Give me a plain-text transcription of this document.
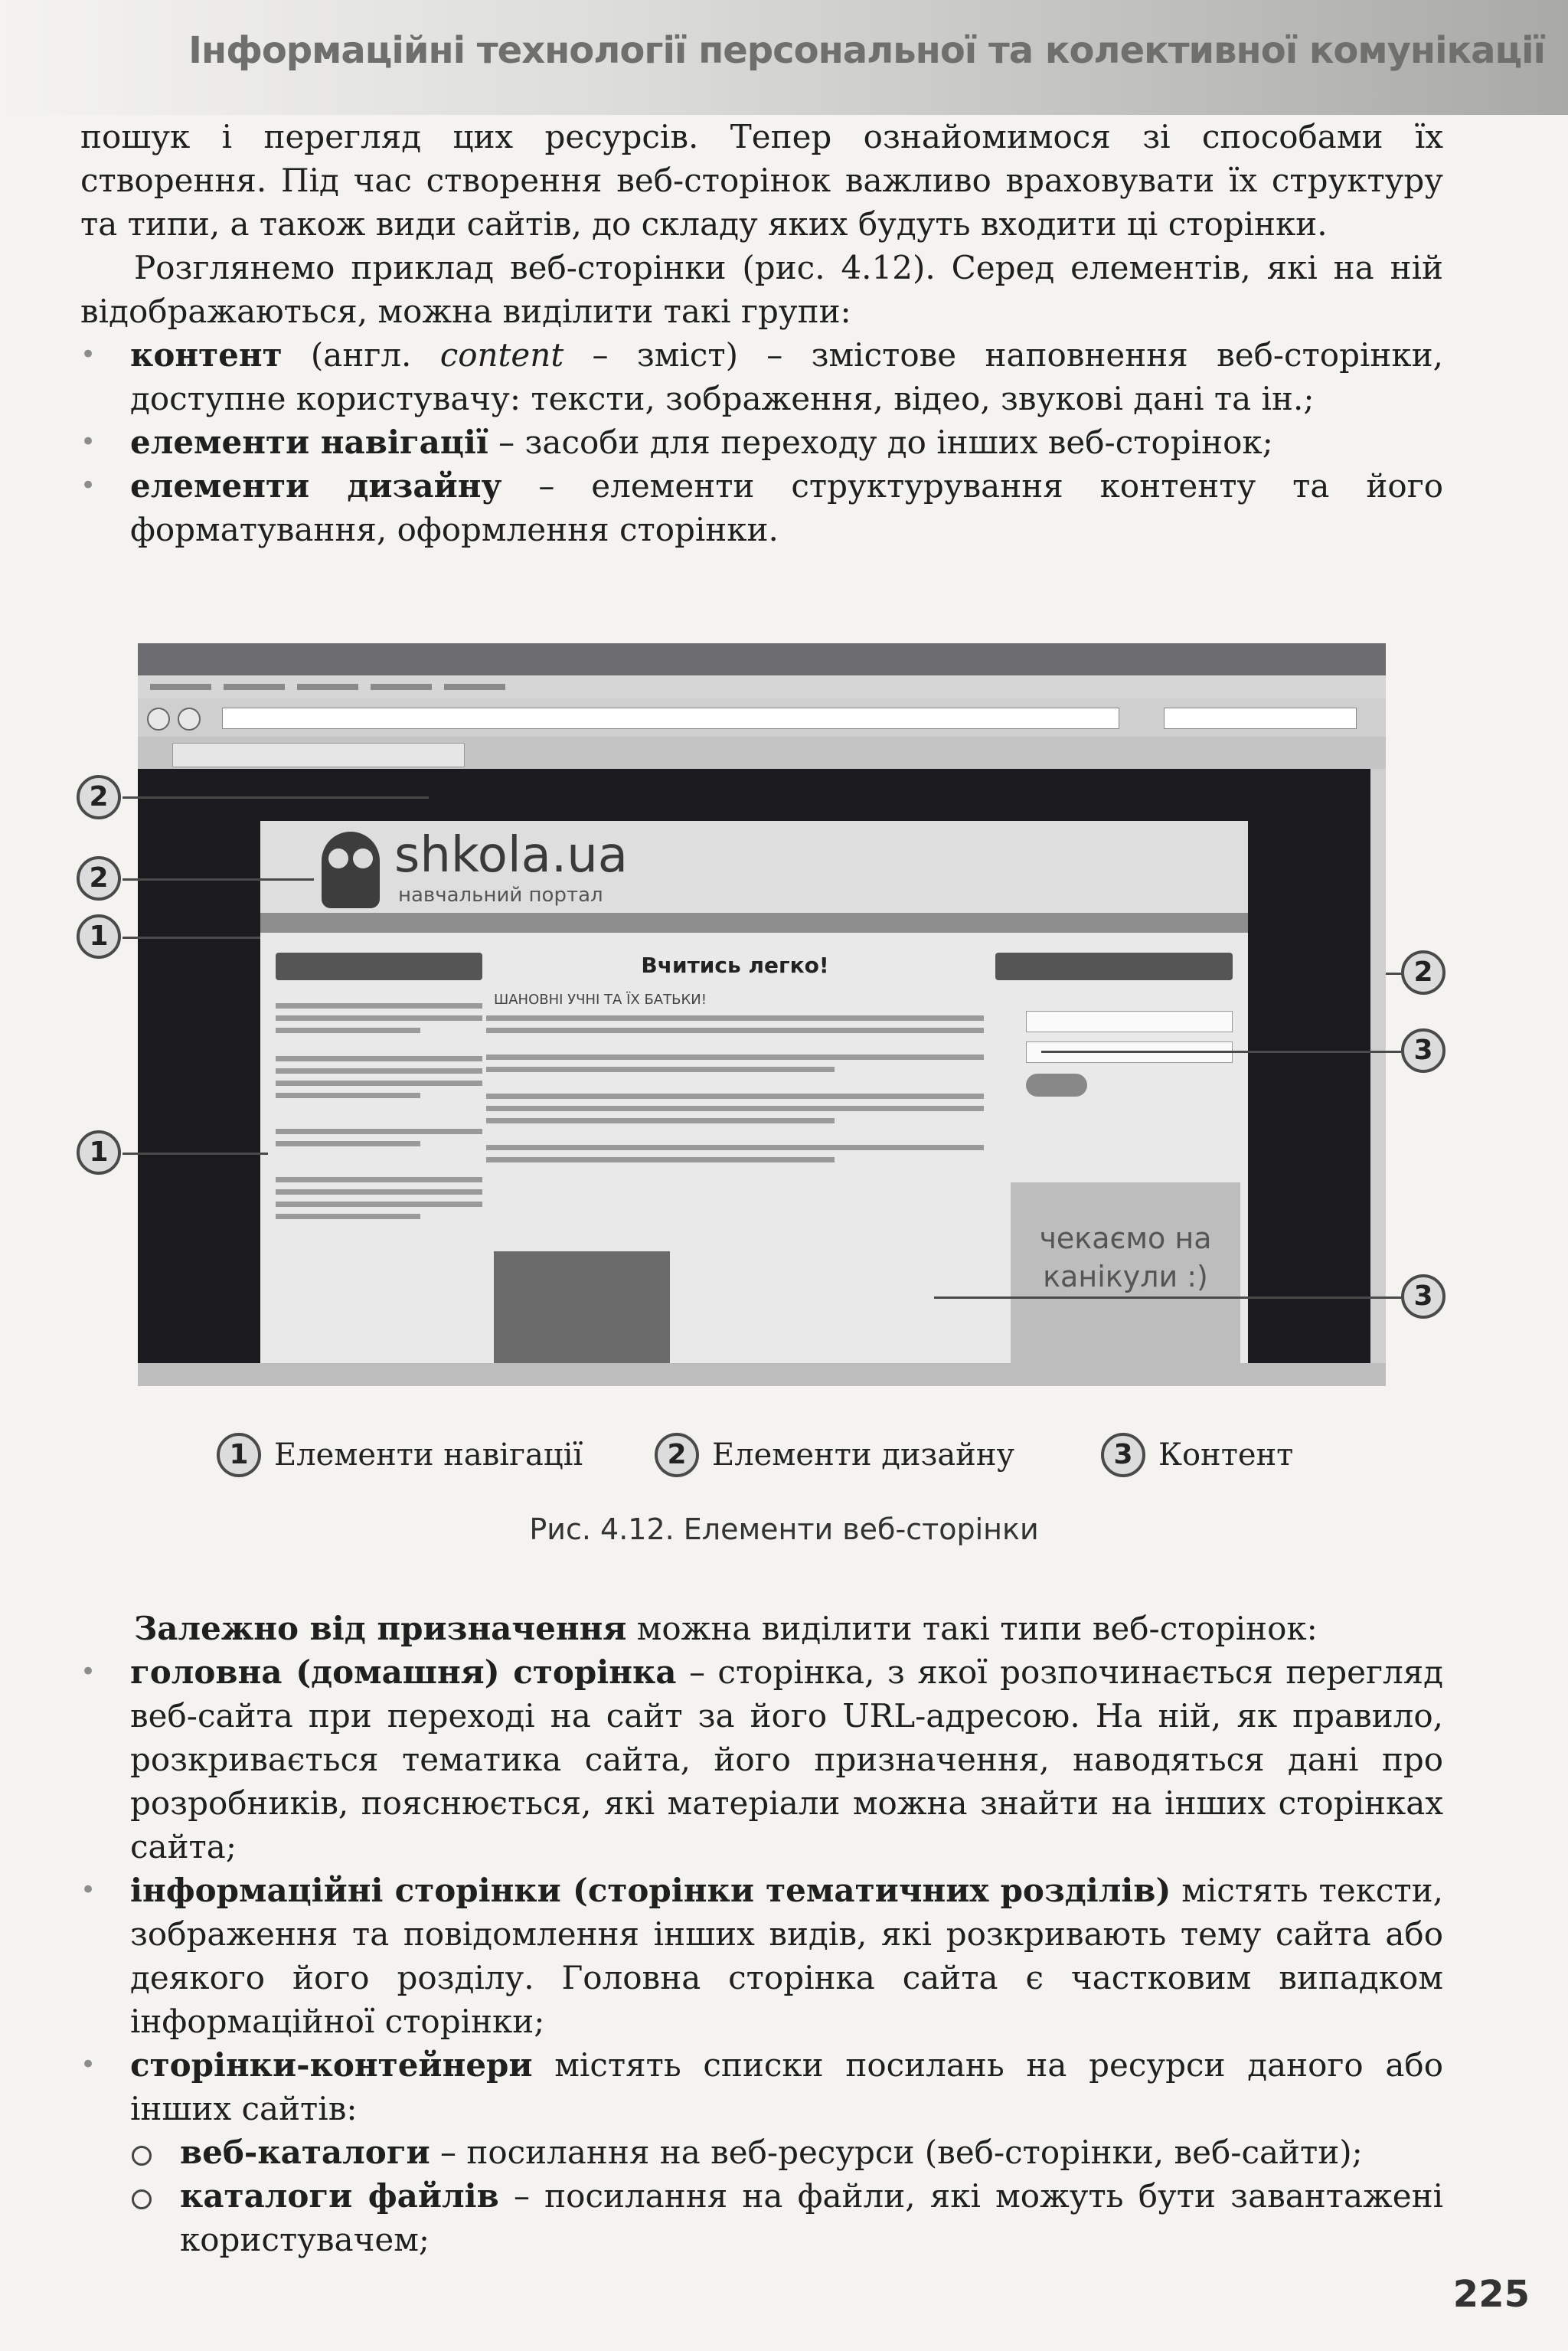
Інформаційні технології персональної та колективної комунікації

пошук і перегляд цих ресурсів. Тепер ознайомимося зі способами їх створення. Під час створення веб-сторінок важливо враховувати їх структуру та типи, а також види сайтів, до складу яких будуть входити ці сторінки.

Розглянемо приклад веб-сторінки (рис. 4.12). Серед елементів, які на ній відображаються, можна виділити такі групи:

• контент (англ. content – зміст) – змістове наповнення веб-сторінки, доступне користувачу: тексти, зображення, відео, звукові дані та ін.;
• елементи навігації – засоби для переходу до інших веб-сторінок;
• елементи дизайну – елементи структурування контенту та його форматування, оформлення сторінки.
shkola.ua
навчальний портал
Вчитись легко!
ШАНОВНІ УЧНІ ТА ЇХ БАТЬКИ!
чекаємо на канікули :)
2
2
1
1
2
3
3
1 Елементи навігації	2 Елементи дизайну	3 Контент
Рис. 4.12. Елементи веб-сторінки

Залежно від призначення можна виділити такі типи веб-сторінок:

• головна (домашня) сторінка – сторінка, з якої розпочинається перегляд веб-сайта при переході на сайт за його URL-адресою. На ній, як правило, розкривається тематика сайта, його призначення, наводяться дані про розробників, пояснюється, які матеріали можна знайти на інших сторінках сайта;
• інформаційні сторінки (сторінки тематичних розділів) містять тексти, зображення та повідомлення інших видів, які розкривають тему сайта або деякого його розділу. Головна сторінка сайта є частковим випадком інформаційної сторінки;
• сторінки-контейнери містять списки посилань на ресурси даного або інших сайтів:
веб-каталоги – посилання на веб-ресурси (веб-сторінки, веб-сайти);
каталоги файлів – посилання на файли, які можуть бути завантажені користувачем;
225
